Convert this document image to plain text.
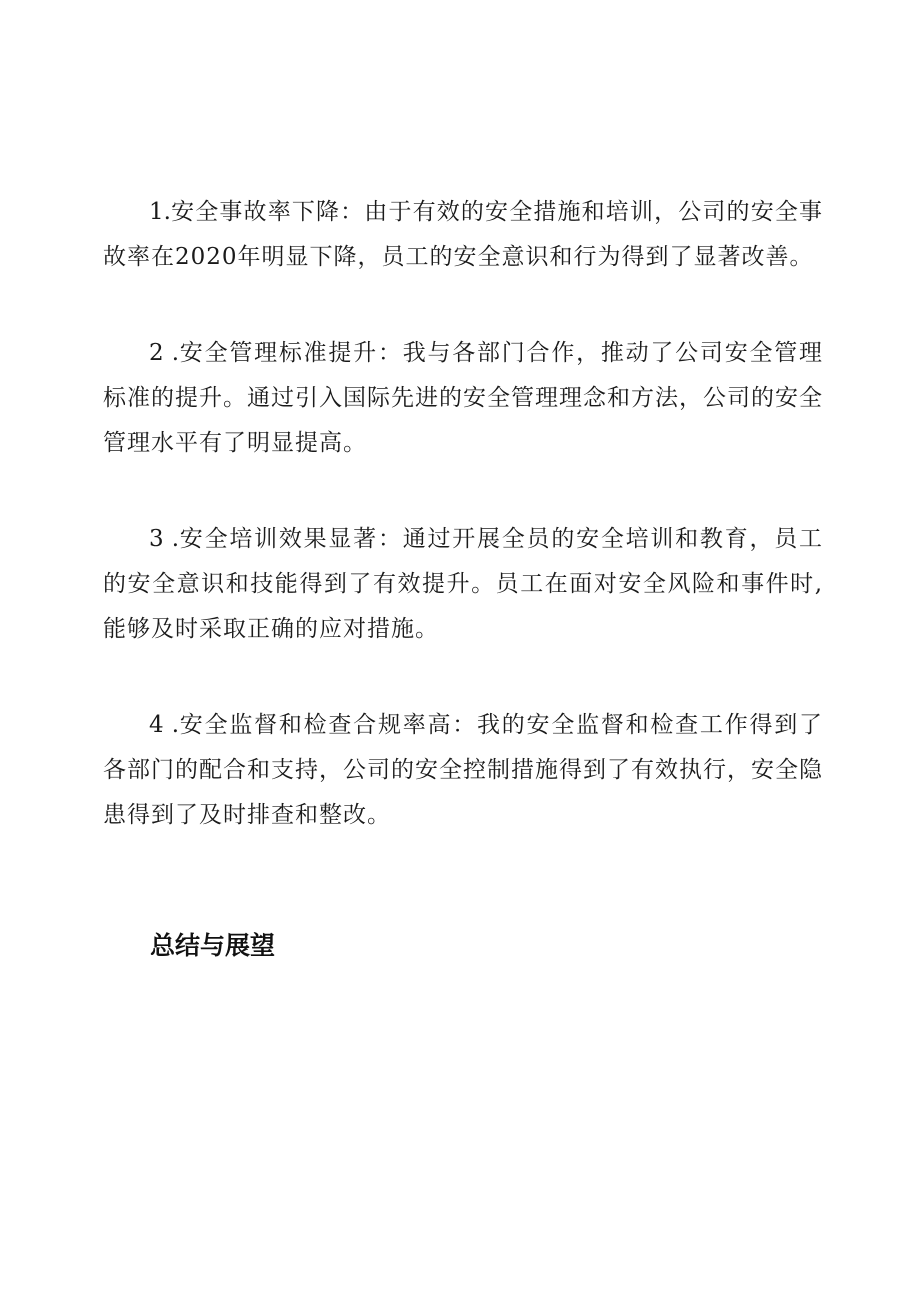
1.安全事故率下降：由于有效的安全措施和培训，公司的安全事故率在2020年明显下降，员工的安全意识和行为得到了显著改善。

2 .安全管理标准提升：我与各部门合作，推动了公司安全管理标准的提升。通过引入国际先进的安全管理理念和方法，公司的安全管理水平有了明显提高。

3 .安全培训效果显著：通过开展全员的安全培训和教育，员工的安全意识和技能得到了有效提升。员工在面对安全风险和事件时,能够及时采取正确的应对措施。

4 .安全监督和检查合规率高：我的安全监督和检查工作得到了各部门的配合和支持，公司的安全控制措施得到了有效执行，安全隐患得到了及时排查和整改。

总结与展望
